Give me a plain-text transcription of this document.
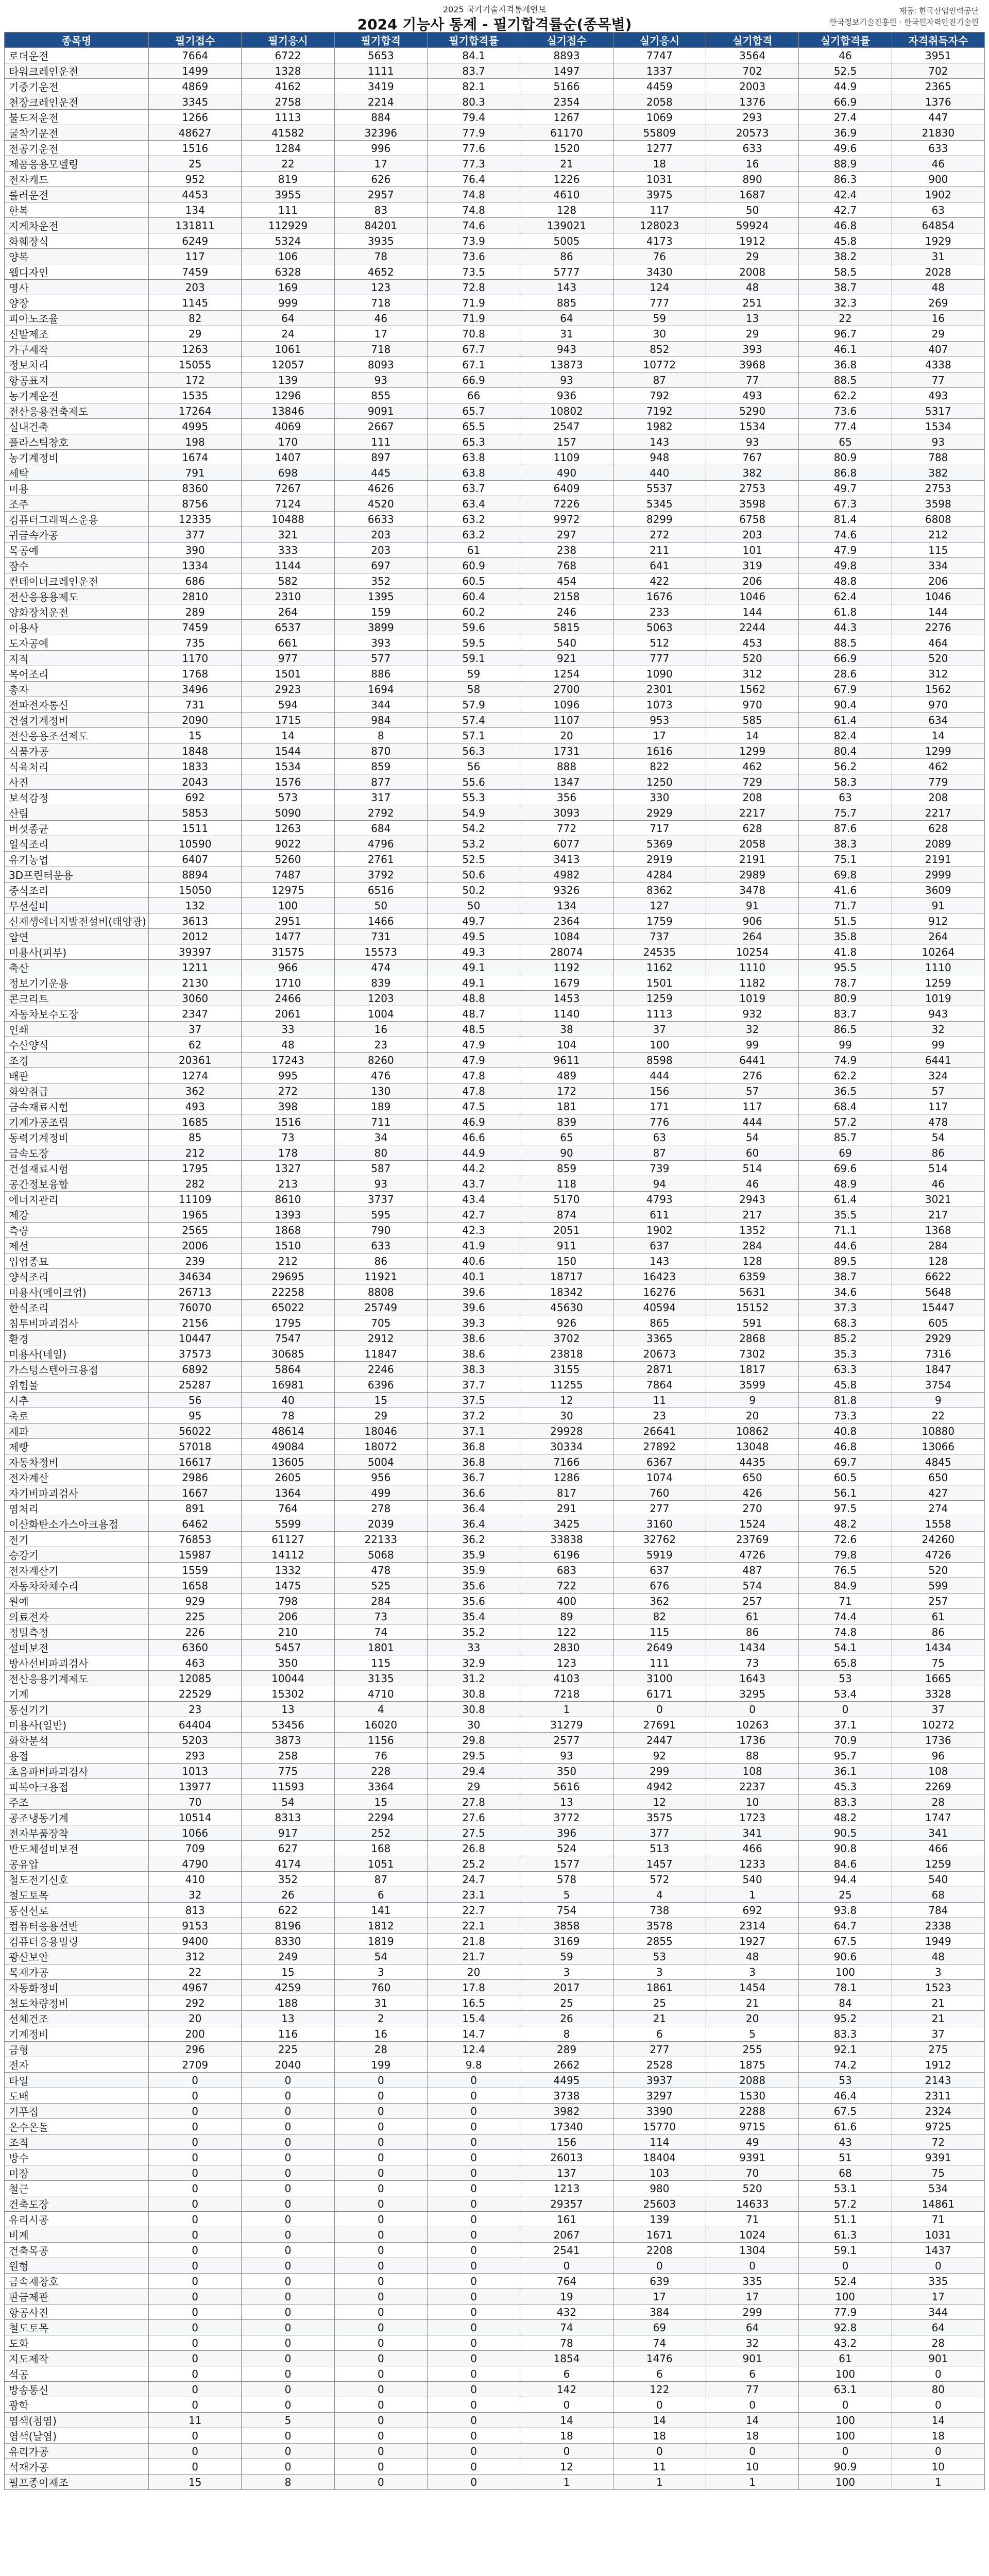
2025 국가기술자격통계연보
2024 기능사 통계 - 필기합격률순(종목별)
제공: 한국산업인력공단
한국정보기술진흥원 · 한국원자력안전기술원
종목명	필기접수	필기응시	필기합격	필기합격률	실기접수	실기응시	실기합격	실기합격률	자격취득자수
로더운전	7664	6722	5653	84.1	8893	7747	3564	46	3951
타워크레인운전	1499	1328	1111	83.7	1497	1337	702	52.5	702
기중기운전	4869	4162	3419	82.1	5166	4459	2003	44.9	2365
천장크레인운전	3345	2758	2214	80.3	2354	2058	1376	66.9	1376
불도저운전	1266	1113	884	79.4	1267	1069	293	27.4	447
굴착기운전	48627	41582	32396	77.9	61170	55809	20573	36.9	21830
전공기운전	1516	1284	996	77.6	1520	1277	633	49.6	633
제품응용모델링	25	22	17	77.3	21	18	16	88.9	46
전자캐드	952	819	626	76.4	1226	1031	890	86.3	900
롤러운전	4453	3955	2957	74.8	4610	3975	1687	42.4	1902
한복	134	111	83	74.8	128	117	50	42.7	63
지게차운전	131811	112929	84201	74.6	139021	128023	59924	46.8	64854
화훼장식	6249	5324	3935	73.9	5005	4173	1912	45.8	1929
양복	117	106	78	73.6	86	76	29	38.2	31
웹디자인	7459	6328	4652	73.5	5777	3430	2008	58.5	2028
영사	203	169	123	72.8	143	124	48	38.7	48
양장	1145	999	718	71.9	885	777	251	32.3	269
피아노조율	82	64	46	71.9	64	59	13	22	16
신발제조	29	24	17	70.8	31	30	29	96.7	29
가구제작	1263	1061	718	67.7	943	852	393	46.1	407
정보처리	15055	12057	8093	67.1	13873	10772	3968	36.8	4338
항공표지	172	139	93	66.9	93	87	77	88.5	77
농기계운전	1535	1296	855	66	936	792	493	62.2	493
전산응용건축제도	17264	13846	9091	65.7	10802	7192	5290	73.6	5317
실내건축	4995	4069	2667	65.5	2547	1982	1534	77.4	1534
플라스틱창호	198	170	111	65.3	157	143	93	65	93
농기계정비	1674	1407	897	63.8	1109	948	767	80.9	788
세탁	791	698	445	63.8	490	440	382	86.8	382
미용	8360	7267	4626	63.7	6409	5537	2753	49.7	2753
조주	8756	7124	4520	63.4	7226	5345	3598	67.3	3598
컴퓨터그래픽스운용	12335	10488	6633	63.2	9972	8299	6758	81.4	6808
귀금속가공	377	321	203	63.2	297	272	203	74.6	212
목공예	390	333	203	61	238	211	101	47.9	115
잠수	1334	1144	697	60.9	768	641	319	49.8	334
컨테이너크레인운전	686	582	352	60.5	454	422	206	48.8	206
전산응용용제도	2810	2310	1395	60.4	2158	1676	1046	62.4	1046
양화장치운전	289	264	159	60.2	246	233	144	61.8	144
이용사	7459	6537	3899	59.6	5815	5063	2244	44.3	2276
도자공예	735	661	393	59.5	540	512	453	88.5	464
지적	1170	977	577	59.1	921	777	520	66.9	520
목어조리	1768	1501	886	59	1254	1090	312	28.6	312
총자	3496	2923	1694	58	2700	2301	1562	67.9	1562
전파전자통신	731	594	344	57.9	1096	1073	970	90.4	970
건설기계정비	2090	1715	984	57.4	1107	953	585	61.4	634
전산응용조선제도	15	14	8	57.1	20	17	14	82.4	14
식품가공	1848	1544	870	56.3	1731	1616	1299	80.4	1299
식육처리	1833	1534	859	56	888	822	462	56.2	462
사진	2043	1576	877	55.6	1347	1250	729	58.3	779
보석감정	692	573	317	55.3	356	330	208	63	208
산림	5853	5090	2792	54.9	3093	2929	2217	75.7	2217
버섯종균	1511	1263	684	54.2	772	717	628	87.6	628
일식조리	10590	9022	4796	53.2	6077	5369	2058	38.3	2089
유기농업	6407	5260	2761	52.5	3413	2919	2191	75.1	2191
3D프린터운용	8894	7487	3792	50.6	4982	4284	2989	69.8	2999
중식조리	15050	12975	6516	50.2	9326	8362	3478	41.6	3609
무선설비	132	100	50	50	134	127	91	71.7	91
신재생에너지발전설비(태양광)	3613	2951	1466	49.7	2364	1759	906	51.5	912
압연	2012	1477	731	49.5	1084	737	264	35.8	264
미용사(피부)	39397	31575	15573	49.3	28074	24535	10254	41.8	10264
축산	1211	966	474	49.1	1192	1162	1110	95.5	1110
정보기기운용	2130	1710	839	49.1	1679	1501	1182	78.7	1259
콘크리트	3060	2466	1203	48.8	1453	1259	1019	80.9	1019
자동차보수도장	2347	2061	1004	48.7	1140	1113	932	83.7	943
인쇄	37	33	16	48.5	38	37	32	86.5	32
수산양식	62	48	23	47.9	104	100	99	99	99
조경	20361	17243	8260	47.9	9611	8598	6441	74.9	6441
배관	1274	995	476	47.8	489	444	276	62.2	324
화약취급	362	272	130	47.8	172	156	57	36.5	57
금속재료시험	493	398	189	47.5	181	171	117	68.4	117
기계가공조립	1685	1516	711	46.9	839	776	444	57.2	478
동력기계정비	85	73	34	46.6	65	63	54	85.7	54
금속도장	212	178	80	44.9	90	87	60	69	86
건설재료시험	1795	1327	587	44.2	859	739	514	69.6	514
공간정보융합	282	213	93	43.7	118	94	46	48.9	46
에너지관리	11109	8610	3737	43.4	5170	4793	2943	61.4	3021
제강	1965	1393	595	42.7	874	611	217	35.5	217
측량	2565	1868	790	42.3	2051	1902	1352	71.1	1368
제선	2006	1510	633	41.9	911	637	284	44.6	284
입업종묘	239	212	86	40.6	150	143	128	89.5	128
양식조리	34634	29695	11921	40.1	18717	16423	6359	38.7	6622
미용사(메이크업)	26713	22258	8808	39.6	18342	16276	5631	34.6	5648
한식조리	76070	65022	25749	39.6	45630	40594	15152	37.3	15447
침투비파괴검사	2156	1795	705	39.3	926	865	591	68.3	605
환경	10447	7547	2912	38.6	3702	3365	2868	85.2	2929
미용사(네일)	37573	30685	11847	38.6	23818	20673	7302	35.3	7316
가스텅스텐아크용접	6892	5864	2246	38.3	3155	2871	1817	63.3	1847
위험물	25287	16981	6396	37.7	11255	7864	3599	45.8	3754
시추	56	40	15	37.5	12	11	9	81.8	9
축로	95	78	29	37.2	30	23	20	73.3	22
제과	56022	48614	18046	37.1	29928	26641	10862	40.8	10880
제빵	57018	49084	18072	36.8	30334	27892	13048	46.8	13066
자동차정비	16617	13605	5004	36.8	7166	6367	4435	69.7	4845
전자계산	2986	2605	956	36.7	1286	1074	650	60.5	650
자기비파괴검사	1667	1364	499	36.6	817	760	426	56.1	427
염처리	891	764	278	36.4	291	277	270	97.5	274
이산화탄소가스아크용접	6462	5599	2039	36.4	3425	3160	1524	48.2	1558
전기	76853	61127	22133	36.2	33838	32762	23769	72.6	24260
승강기	15987	14112	5068	35.9	6196	5919	4726	79.8	4726
전자계산기	1559	1332	478	35.9	683	637	487	76.5	520
자동차차체수리	1658	1475	525	35.6	722	676	574	84.9	599
원예	929	798	284	35.6	400	362	257	71	257
의료전자	225	206	73	35.4	89	82	61	74.4	61
정밀측정	226	210	74	35.2	122	115	86	74.8	86
설비보전	6360	5457	1801	33	2830	2649	1434	54.1	1434
방사선비파괴검사	463	350	115	32.9	123	111	73	65.8	75
전산응용기계제도	12085	10044	3135	31.2	4103	3100	1643	53	1665
기계	22529	15302	4710	30.8	7218	6171	3295	53.4	3328
통신기기	23	13	4	30.8	1	0	0	0	37
미용사(일반)	64404	53456	16020	30	31279	27691	10263	37.1	10272
화학분석	5203	3873	1156	29.8	2577	2447	1736	70.9	1736
용접	293	258	76	29.5	93	92	88	95.7	96
초음파비파괴검사	1013	775	228	29.4	350	299	108	36.1	108
피복아크용접	13977	11593	3364	29	5616	4942	2237	45.3	2269
주조	70	54	15	27.8	13	12	10	83.3	28
공조냉동기계	10514	8313	2294	27.6	3772	3575	1723	48.2	1747
전자부품장착	1066	917	252	27.5	396	377	341	90.5	341
반도체설비보전	709	627	168	26.8	524	513	466	90.8	466
공유압	4790	4174	1051	25.2	1577	1457	1233	84.6	1259
철도전기신호	410	352	87	24.7	578	572	540	94.4	540
철도토목	32	26	6	23.1	5	4	1	25	68
통신선로	813	622	141	22.7	754	738	692	93.8	784
컴퓨터응용선반	9153	8196	1812	22.1	3858	3578	2314	64.7	2338
컴퓨터응용밀링	9400	8330	1819	21.8	3169	2855	1927	67.5	1949
광산보안	312	249	54	21.7	59	53	48	90.6	48
목재가공	22	15	3	20	3	3	3	100	3
자동화정비	4967	4259	760	17.8	2017	1861	1454	78.1	1523
철도차량정비	292	188	31	16.5	25	25	21	84	21
선체건조	20	13	2	15.4	26	21	20	95.2	21
기계정비	200	116	16	14.7	8	6	5	83.3	37
금형	296	225	28	12.4	289	277	255	92.1	275
전자	2709	2040	199	9.8	2662	2528	1875	74.2	1912
타일	0	0	0	0	4495	3937	2088	53	2143
도배	0	0	0	0	3738	3297	1530	46.4	2311
거푸집	0	0	0	0	3982	3390	2288	67.5	2324
온수온돌	0	0	0	0	17340	15770	9715	61.6	9725
조적	0	0	0	0	156	114	49	43	72
방수	0	0	0	0	26013	18404	9391	51	9391
미장	0	0	0	0	137	103	70	68	75
철근	0	0	0	0	1213	980	520	53.1	534
건축도장	0	0	0	0	29357	25603	14633	57.2	14861
유리시공	0	0	0	0	161	139	71	51.1	71
비계	0	0	0	0	2067	1671	1024	61.3	1031
건축목공	0	0	0	0	2541	2208	1304	59.1	1437
원형	0	0	0	0	0	0	0	0	0
금속재창호	0	0	0	0	764	639	335	52.4	335
판금제관	0	0	0	0	19	17	17	100	17
항공사진	0	0	0	0	432	384	299	77.9	344
철도토목	0	0	0	0	74	69	64	92.8	64
도화	0	0	0	0	78	74	32	43.2	28
지도제작	0	0	0	0	1854	1476	901	61	901
석공	0	0	0	0	6	6	6	100	0
방송통신	0	0	0	0	142	122	77	63.1	80
광학	0	0	0	0	0	0	0	0	0
염색(침염)	11	5	0	0	14	14	14	100	14
염색(날염)	0	0	0	0	18	18	18	100	18
유리가공	0	0	0	0	0	0	0	0	0
석재가공	0	0	0	0	12	11	10	90.9	10
필프종이제조	15	8	0	0	1	1	1	100	1
